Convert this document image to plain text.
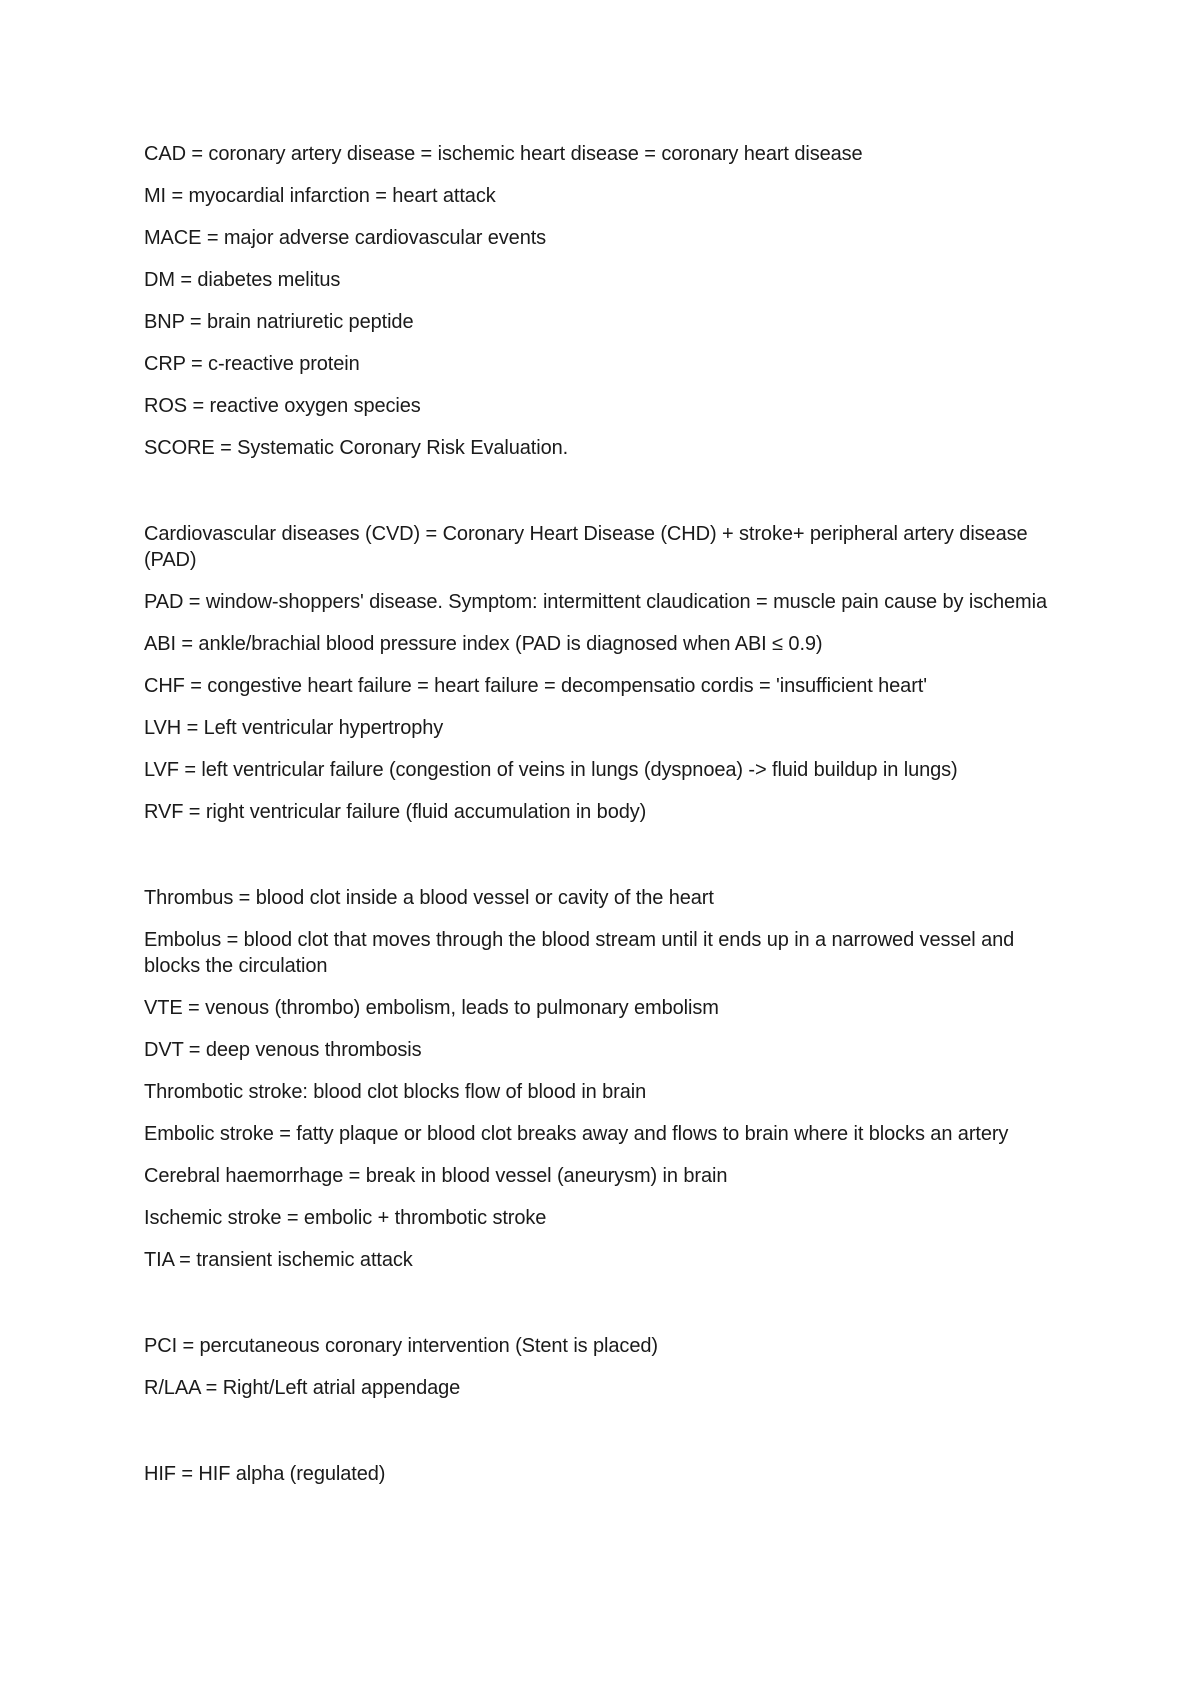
CAD = coronary artery disease = ischemic heart disease = coronary heart disease

MI = myocardial infarction = heart attack

MACE = major adverse cardiovascular events

DM = diabetes melitus

BNP = brain natriuretic peptide

CRP = c-reactive protein

ROS = reactive oxygen species

SCORE = Systematic Coronary Risk Evaluation.

Cardiovascular diseases (CVD) = Coronary Heart Disease (CHD) + stroke+ peripheral artery disease (PAD)

PAD = window-shoppers' disease. Symptom: intermittent claudication = muscle pain cause by ischemia

ABI = ankle/brachial blood pressure index (PAD is diagnosed when ABI ≤ 0.9)

CHF = congestive heart failure = heart failure = decompensatio cordis = 'insufficient heart'

LVH = Left ventricular hypertrophy

LVF = left ventricular failure (congestion of veins in lungs (dyspnoea) -> fluid buildup in lungs)

RVF = right ventricular failure (fluid accumulation in body)

Thrombus = blood clot inside a blood vessel or cavity of the heart

Embolus = blood clot that moves through the blood stream until it ends up in a narrowed vessel and blocks the circulation

VTE = venous (thrombo) embolism, leads to pulmonary embolism

DVT = deep venous thrombosis

Thrombotic stroke: blood clot blocks flow of blood in brain

Embolic stroke = fatty plaque or blood clot breaks away and flows to brain where it blocks an artery

Cerebral haemorrhage = break in blood vessel (aneurysm) in brain

Ischemic stroke = embolic + thrombotic stroke

TIA = transient ischemic attack

PCI = percutaneous coronary intervention (Stent is placed)

R/LAA = Right/Left atrial appendage

HIF = HIF alpha (regulated)
